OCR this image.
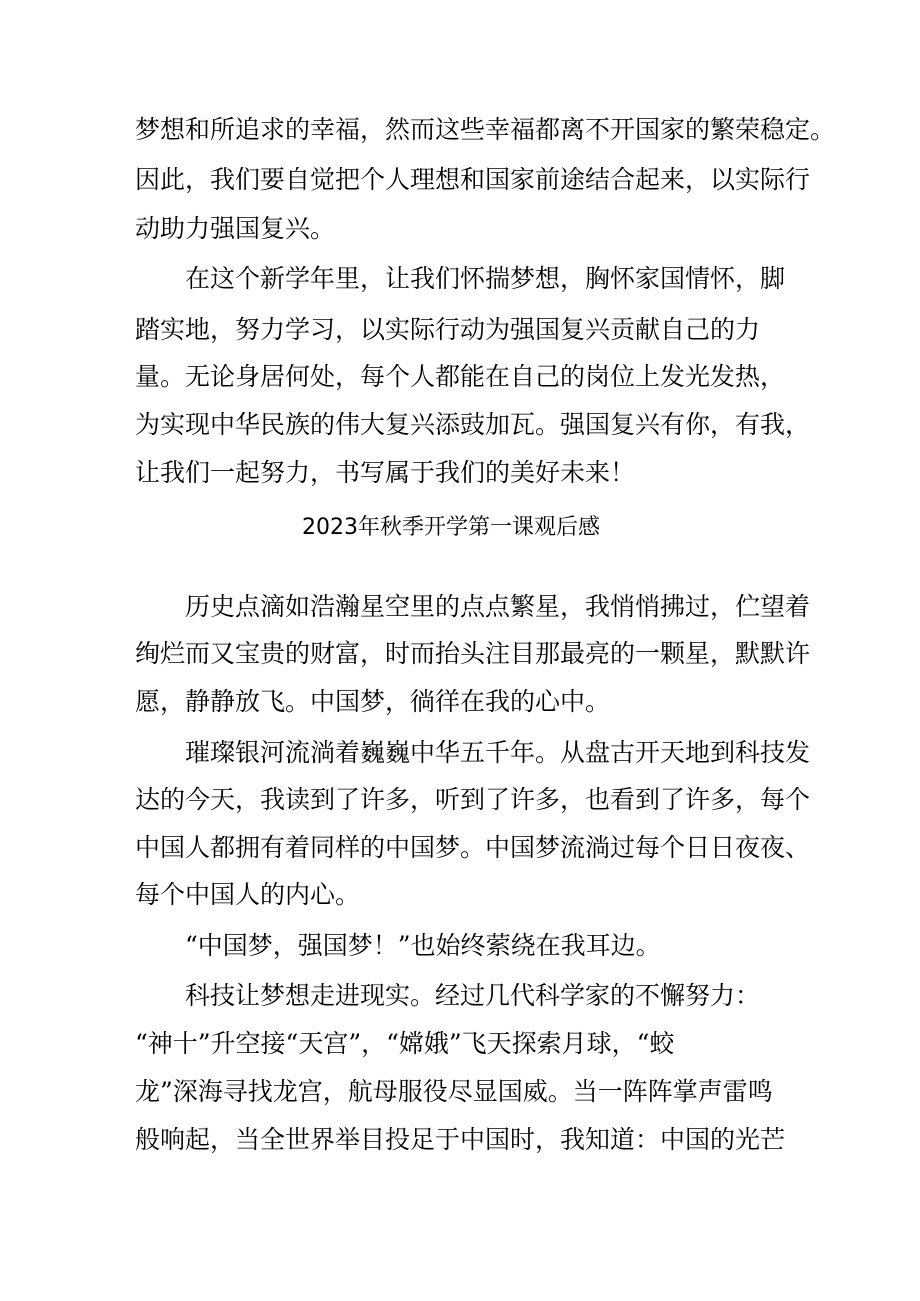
梦想和所追求的幸福，然而这些幸福都离不开国家的繁荣稳定。
因此，我们要自觉把个人理想和国家前途结合起来，以实际行
动助力强国复兴。
在这个新学年里，让我们怀揣梦想，胸怀家国情怀，脚
踏实地，努力学习，以实际行动为强国复兴贡献自己的力
量。无论身居何处，每个人都能在自己的岗位上发光发热，
为实现中华民族的伟大复兴添豉加瓦。强国复兴有你，有我，
让我们一起努力，书写属于我们的美好未来！
2023年秋季开学第一课观后感
历史点滴如浩瀚星空里的点点繁星，我悄悄拂过，伫望着
绚烂而又宝贵的财富，时而抬头注目那最亮的一颗星，默默许
愿，静静放飞。中国梦，徜徉在我的心中。
璀璨银河流淌着巍巍中华五千年。从盘古开天地到科技发
达的今天，我读到了许多，听到了许多，也看到了许多，每个
中国人都拥有着同样的中国梦。中国梦流淌过每个日日夜夜、
每个中国人的内心。
“中国梦，强国梦！”也始终萦绕在我耳边。
科技让梦想走进现实。经过几代科学家的不懈努力：
“神十”升空接“天宫”，“嫦娥”飞天探索月球，“蛟
龙”深海寻找龙宫，航母服役尽显国威。当一阵阵掌声雷鸣
般响起，当全世界举目投足于中国时，我知道：中国的光芒
